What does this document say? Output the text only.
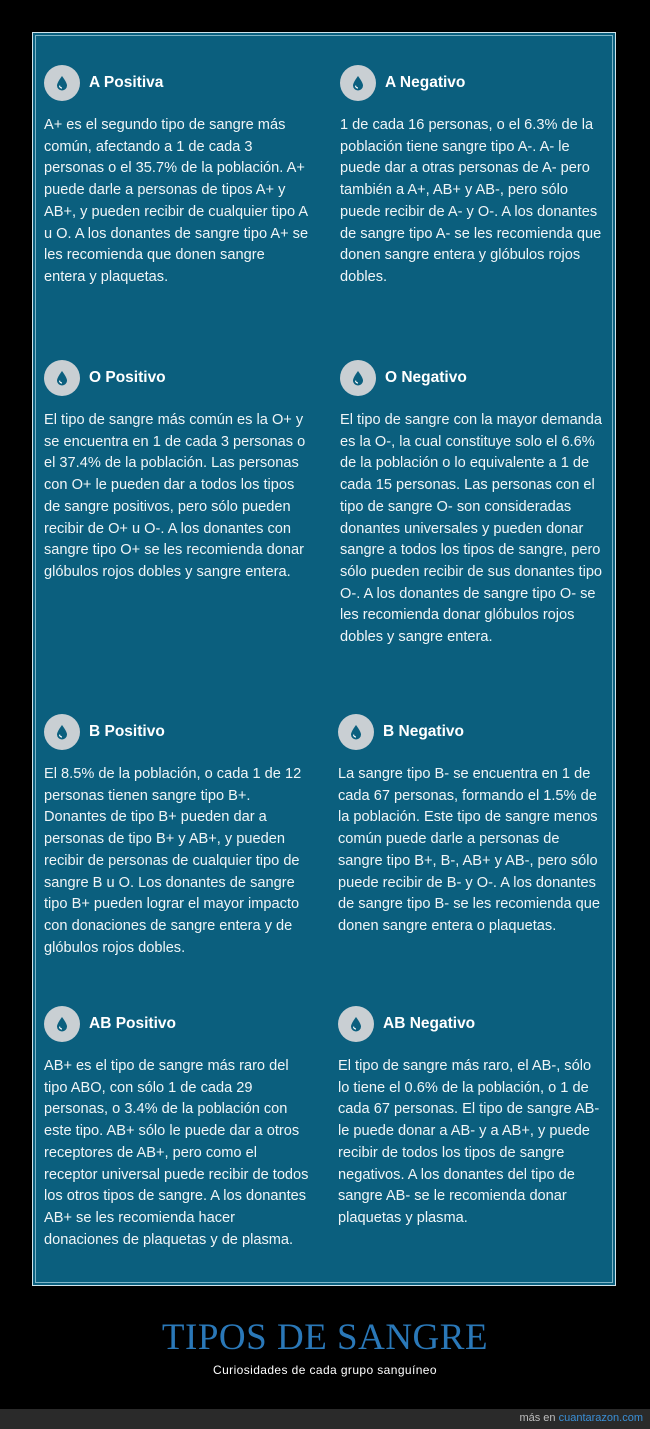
A Positiva
A+ es el segundo tipo de sangre más común, afectando a 1 de cada 3 personas o el 35.7% de la población. A+ puede darle a personas de tipos A+ y AB+, y pueden recibir de cualquier tipo A u O. A los donantes de sangre tipo A+ se les recomienda que donen sangre entera y plaquetas.
A Negativo
1 de cada 16 personas, o el 6.3% de la población tiene sangre tipo A-. A- le puede dar a otras personas de A- pero también a A+, AB+ y AB-, pero sólo puede recibir de A- y O-. A los donantes de sangre tipo A- se les recomienda que donen sangre entera y glóbulos rojos dobles.
O Positivo
El tipo de sangre más común es la O+ y se encuentra en 1 de cada 3 personas o el 37.4% de la población. Las personas con O+ le pueden dar a todos los tipos de sangre positivos, pero sólo pueden recibir de O+ u O-. A los donantes con sangre tipo O+ se les recomienda donar glóbulos rojos dobles y sangre entera.
O Negativo
El tipo de sangre con la mayor demanda es la O-, la cual constituye solo el 6.6% de la población o lo equivalente a 1 de cada 15 personas. Las personas con el tipo de sangre O- son consideradas donantes universales y pueden donar sangre a todos los tipos de sangre, pero sólo pueden recibir de sus donantes tipo O-. A los donantes de sangre tipo O- se les recomienda donar glóbulos rojos dobles y sangre entera.
B Positivo
El 8.5% de la población, o cada 1 de 12 personas tienen sangre tipo B+. Donantes de tipo B+ pueden dar a personas de tipo B+ y AB+, y pueden recibir de personas de cualquier tipo de sangre B u O. Los donantes de sangre tipo B+ pueden lograr el mayor impacto con donaciones de sangre entera y de glóbulos rojos dobles.
B Negativo
La sangre tipo B- se encuentra en 1 de cada 67 personas, formando el 1.5% de la población. Este tipo de sangre menos común puede darle a personas de sangre tipo B+, B-, AB+ y AB-, pero sólo puede recibir de B- y O-. A los donantes de sangre tipo B- se les recomienda que donen sangre entera o plaquetas.
AB Positivo
AB+ es el tipo de sangre más raro del tipo ABO, con sólo 1 de cada 29 personas, o 3.4% de la población con este tipo. AB+ sólo le puede dar a otros receptores de AB+, pero como el receptor universal puede recibir de todos los otros tipos de sangre. A los donantes AB+ se les recomienda hacer donaciones de plaquetas y de plasma.
AB Negativo
El tipo de sangre más raro, el AB-, sólo lo tiene el 0.6% de la población, o 1 de cada 67 personas. El tipo de sangre AB- le puede donar a AB- y a AB+, y puede recibir de todos los tipos de sangre negativos. A los donantes del tipo de sangre AB- se le recomienda donar plaquetas y plasma.
TIPOS DE SANGRE
Curiosidades de cada grupo sanguíneo
más en cuantarazon.com
